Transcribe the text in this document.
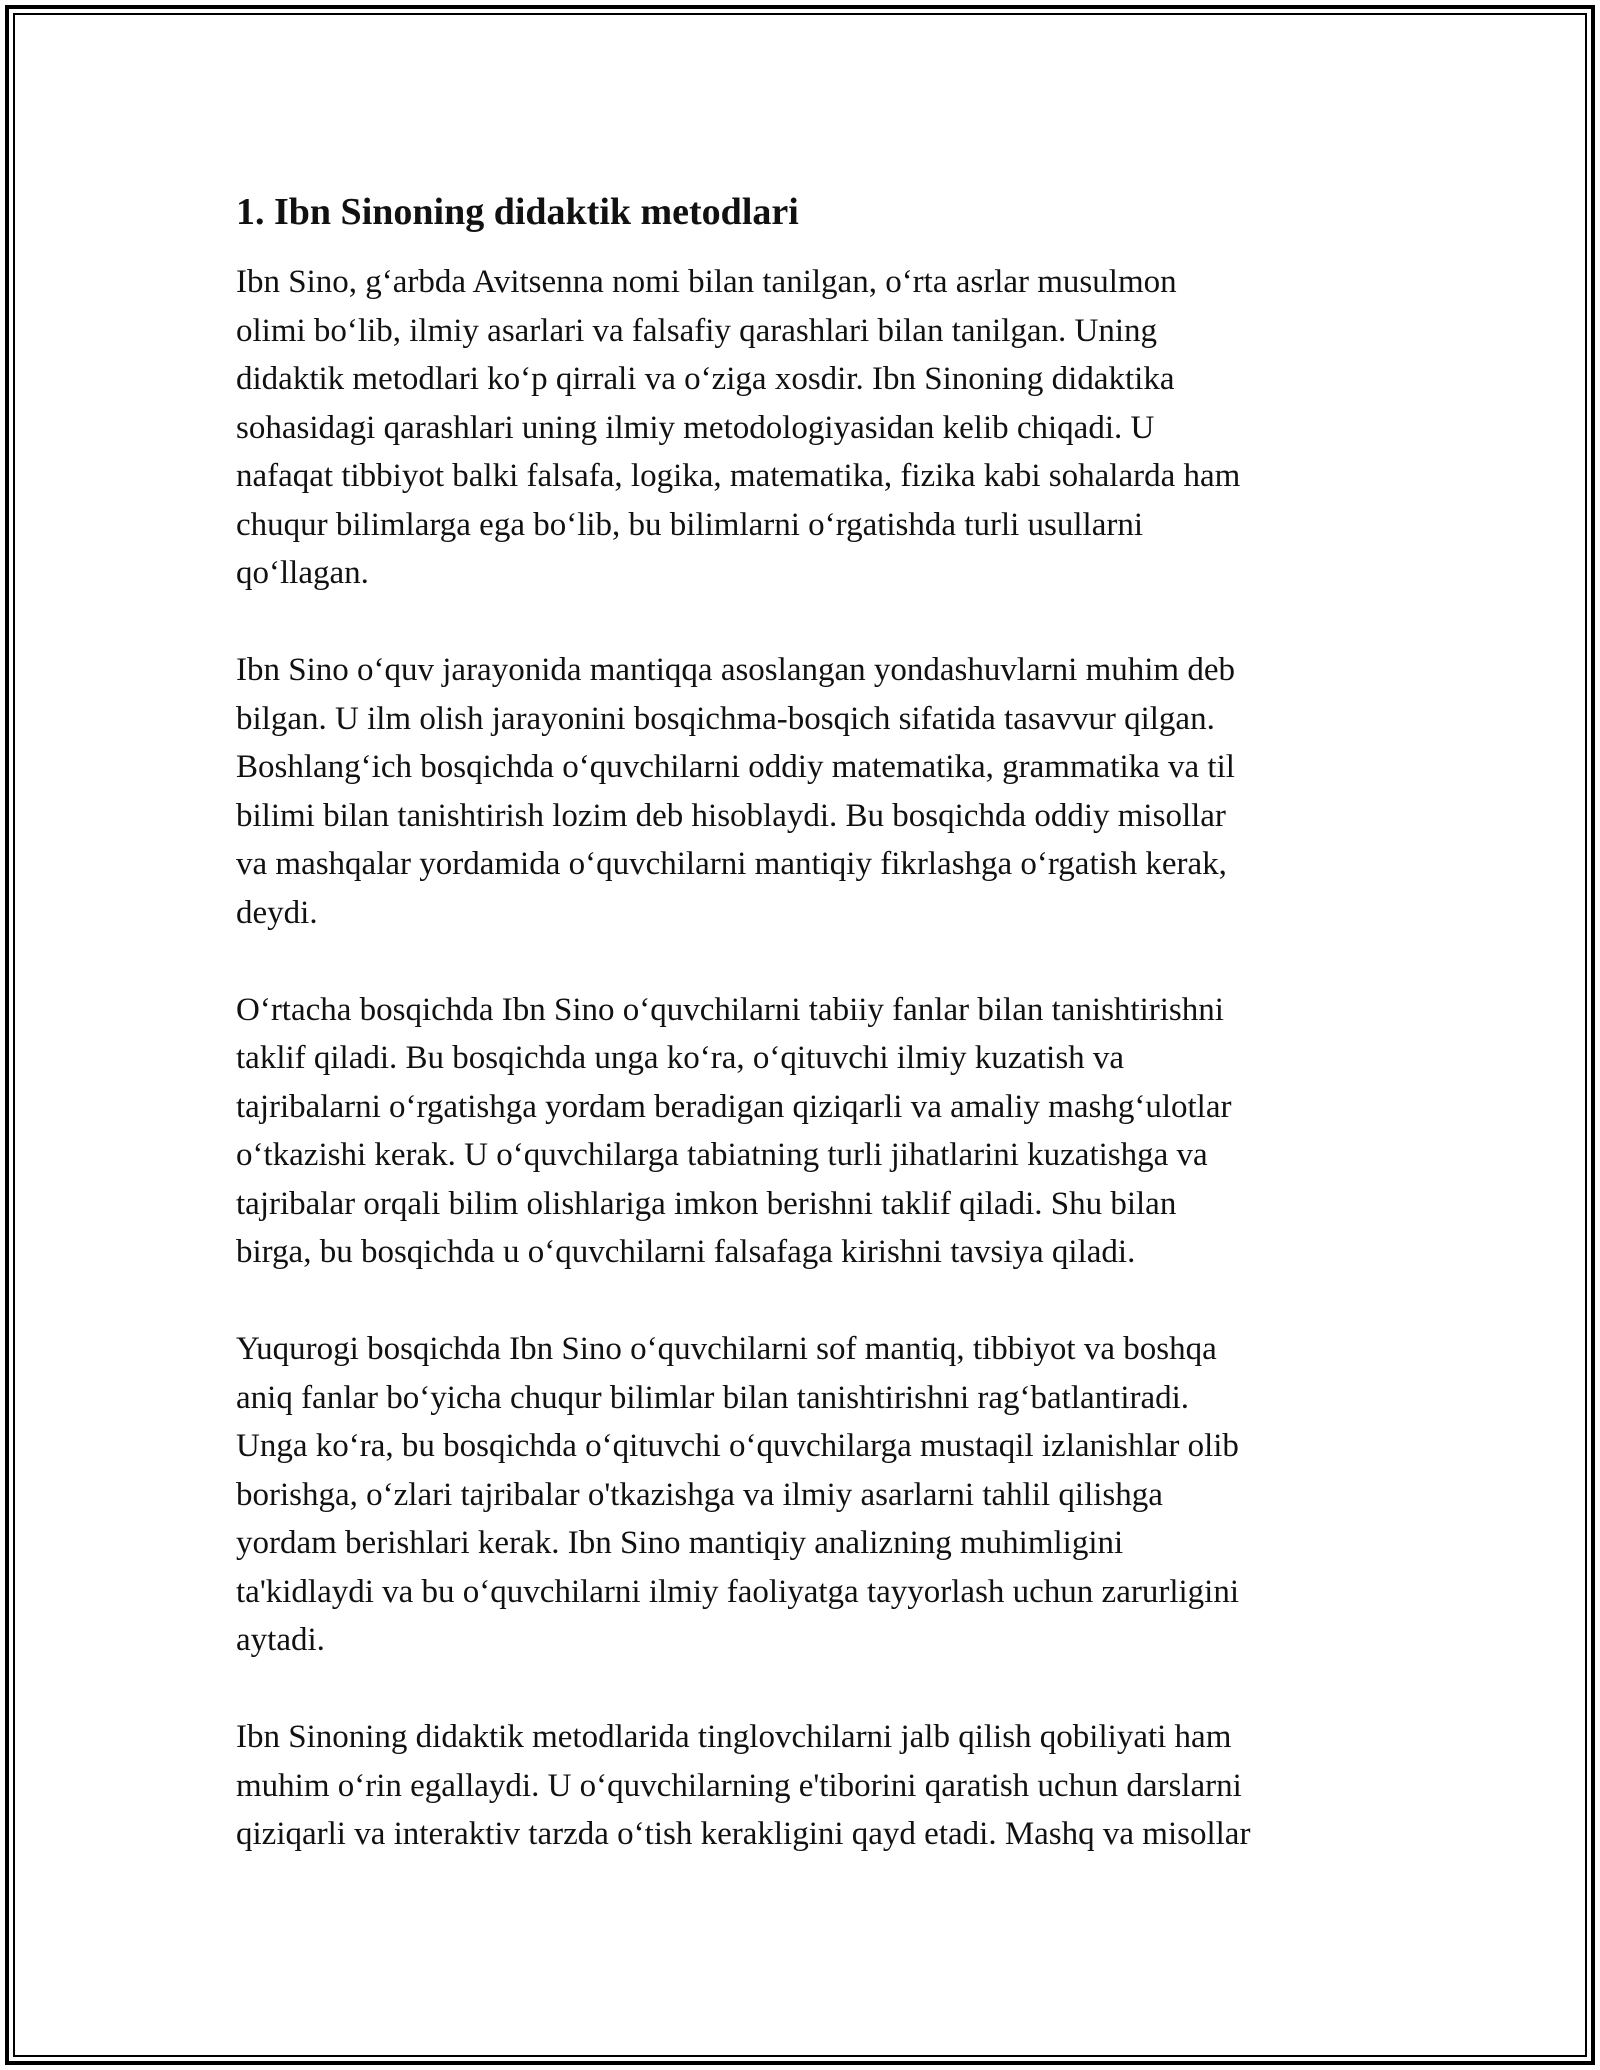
1. Ibn Sinoning didaktik metodlari

Ibn Sino, g‘arbda Avitsenna nomi bilan tanilgan, o‘rta asrlar musulmon
olimi bo‘lib, ilmiy asarlari va falsafiy qarashlari bilan tanilgan. Uning
didaktik metodlari ko‘p qirrali va o‘ziga xosdir. Ibn Sinoning didaktika
sohasidagi qarashlari uning ilmiy metodologiyasidan kelib chiqadi. U
nafaqat tibbiyot balki falsafa, logika, matematika, fizika kabi sohalarda ham
chuqur bilimlarga ega bo‘lib, bu bilimlarni o‘rgatishda turli usullarni
qo‘llagan.

Ibn Sino o‘quv jarayonida mantiqqa asoslangan yondashuvlarni muhim deb
bilgan. U ilm olish jarayonini bosqichma-bosqich sifatida tasavvur qilgan.
Boshlang‘ich bosqichda o‘quvchilarni oddiy matematika, grammatika va til
bilimi bilan tanishtirish lozim deb hisoblaydi. Bu bosqichda oddiy misollar
va mashqalar yordamida o‘quvchilarni mantiqiy fikrlashga o‘rgatish kerak,
deydi.

O‘rtacha bosqichda Ibn Sino o‘quvchilarni tabiiy fanlar bilan tanishtirishni
taklif qiladi. Bu bosqichda unga ko‘ra, o‘qituvchi ilmiy kuzatish va
tajribalarni o‘rgatishga yordam beradigan qiziqarli va amaliy mashg‘ulotlar
o‘tkazishi kerak. U o‘quvchilarga tabiatning turli jihatlarini kuzatishga va
tajribalar orqali bilim olishlariga imkon berishni taklif qiladi. Shu bilan
birga, bu bosqichda u o‘quvchilarni falsafaga kirishni tavsiya qiladi.

Yuqurogi bosqichda Ibn Sino o‘quvchilarni sof mantiq, tibbiyot va boshqa
aniq fanlar bo‘yicha chuqur bilimlar bilan tanishtirishni rag‘batlantiradi.
Unga ko‘ra, bu bosqichda o‘qituvchi o‘quvchilarga mustaqil izlanishlar olib
borishga, o‘zlari tajribalar o'tkazishga va ilmiy asarlarni tahlil qilishga
yordam berishlari kerak. Ibn Sino mantiqiy analizning muhimligini
ta'kidlaydi va bu o‘quvchilarni ilmiy faoliyatga tayyorlash uchun zarurligini
aytadi.

Ibn Sinoning didaktik metodlarida tinglovchilarni jalb qilish qobiliyati ham
muhim o‘rin egallaydi. U o‘quvchilarning e'tiborini qaratish uchun darslarni
qiziqarli va interaktiv tarzda o‘tish kerakligini qayd etadi. Mashq va misollar
